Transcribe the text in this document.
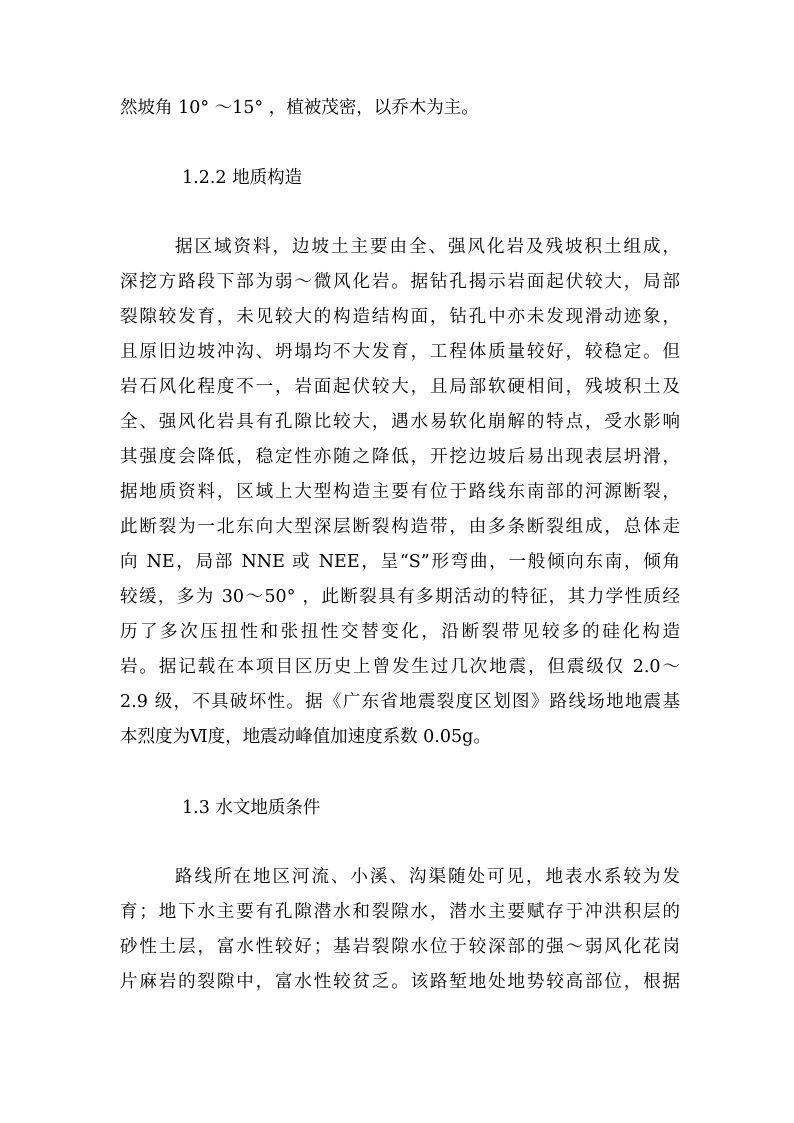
然坡角 10° ～15° ，植被茂密，以乔木为主。
1.2.2 地质构造
据区域资料，边坡土主要由全、强风化岩及残坡积土组成，
深挖方路段下部为弱～微风化岩。据钻孔揭示岩面起伏较大，局部
裂隙较发育，未见较大的构造结构面，钻孔中亦未发现滑动迹象，
且原旧边坡冲沟、坍塌均不大发育，工程体质量较好，较稳定。但
岩石风化程度不一，岩面起伏较大，且局部软硬相间，残坡积土及
全、强风化岩具有孔隙比较大，遇水易软化崩解的特点，受水影响
其强度会降低，稳定性亦随之降低，开挖边坡后易出现表层坍滑，
据地质资料，区域上大型构造主要有位于路线东南部的河源断裂，
此断裂为一北东向大型深层断裂构造带，由多条断裂组成，总体走
向 NE，局部 NNE 或 NEE，呈“S”形弯曲，一般倾向东南，倾角
较缓，多为 30～50° ，此断裂具有多期活动的特征，其力学性质经
历了多次压扭性和张扭性交替变化，沿断裂带见较多的硅化构造
岩。据记载在本项目区历史上曾发生过几次地震，但震级仅 2.0～
2.9 级，不具破坏性。据《广东省地震裂度区划图》路线场地地震基
本烈度为Ⅵ度，地震动峰值加速度系数 0.05g。
1.3 水文地质条件
路线所在地区河流、小溪、沟渠随处可见，地表水系较为发
育；地下水主要有孔隙潜水和裂隙水，潜水主要赋存于冲洪积层的
砂性土层，富水性较好；基岩裂隙水位于较深部的强～弱风化花岗
片麻岩的裂隙中，富水性较贫乏。该路堑地处地势较高部位，根据
